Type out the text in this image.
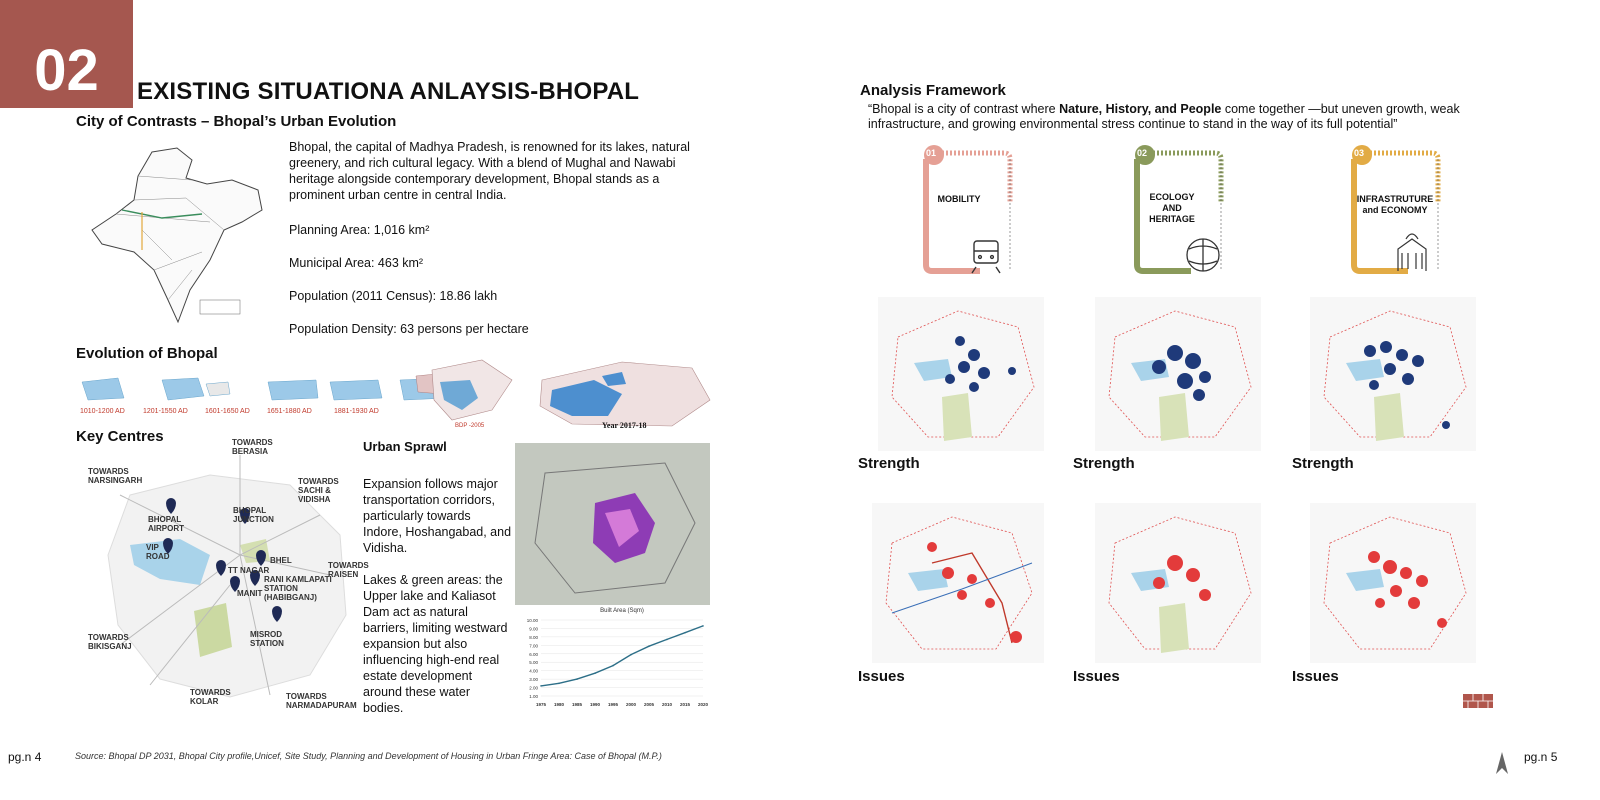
02 EXISTING SITUATIONA ANLAYSIS-BHOPAL
City of Contrasts – Bhopal’s Urban Evolution
Bhopal, the capital of Madhya Pradesh, is renowned for its lakes, natural greenery, and rich cultural legacy. With a blend of Mughal and Nawabi heritage alongside contemporary development, Bhopal stands as a prominent urban centre in central India.
Planning Area: 1,016 km²
Municipal Area: 463 km²
Population (2011 Census): 18.86 lakh
Population Density: 63 persons per hectare
Evolution of Bhopal
1010-1200 AD	1201-1550 AD 1601-1650 AD 1651-1880 AD	1881-1930 AD
BDP -2005	Year 2017-18
Key Centres	TOWARDS BERASIA
TOWARDS NARSINGARH	TOWARDS SACHI & VIDISHA
TOWARDS RAISEN
TOWARDS BIKISGANJ
TOWARDS KOLAR
TOWARDS NARMADAPURAM
BHOPAL AIRPORT
BHOPAL JUNCTION
VIP ROAD	BHEL
TT NAGAR
RANI KAMLAPATI STATION (HABIBGANJ)
MANIT
MISROD STATION
Urban Sprawl
Expansion follows major transportation corridors, particularly towards Indore, Hoshangabad, and Vidisha.
Lakes & green areas: the Upper lake and Kaliasot Dam act as natural barriers, limiting westward expansion but also influencing high-end real estate development around these water bodies.
Built Area (Sqm)
10.00
9.00
8.00
7.00
6.00
5.00
4.00
3.00
2.00
1.00
1975 1980 1985 1990 1995 2000 2005 2010 2015 2020
Analysis Framework
“Bhopal is a city of contrast where Nature, History, and People come together —but uneven growth, weak infrastructure, and growing environmental stress continue to stand in the way of its full potential”
01
MOBILITY
02
ECOLOGY AND HERITAGE
03
INFRASTRUTURE and ECONOMY
Strength	Strength	Strength
Issues	Issues	Issues
pg.n 4	Source: Bhopal DP 2031, Bhopal City profile,Unicef, Site Study, Planning and Development of Housing in Urban Fringe Area: Case of Bhopal (M.P.)	pg.n 5
